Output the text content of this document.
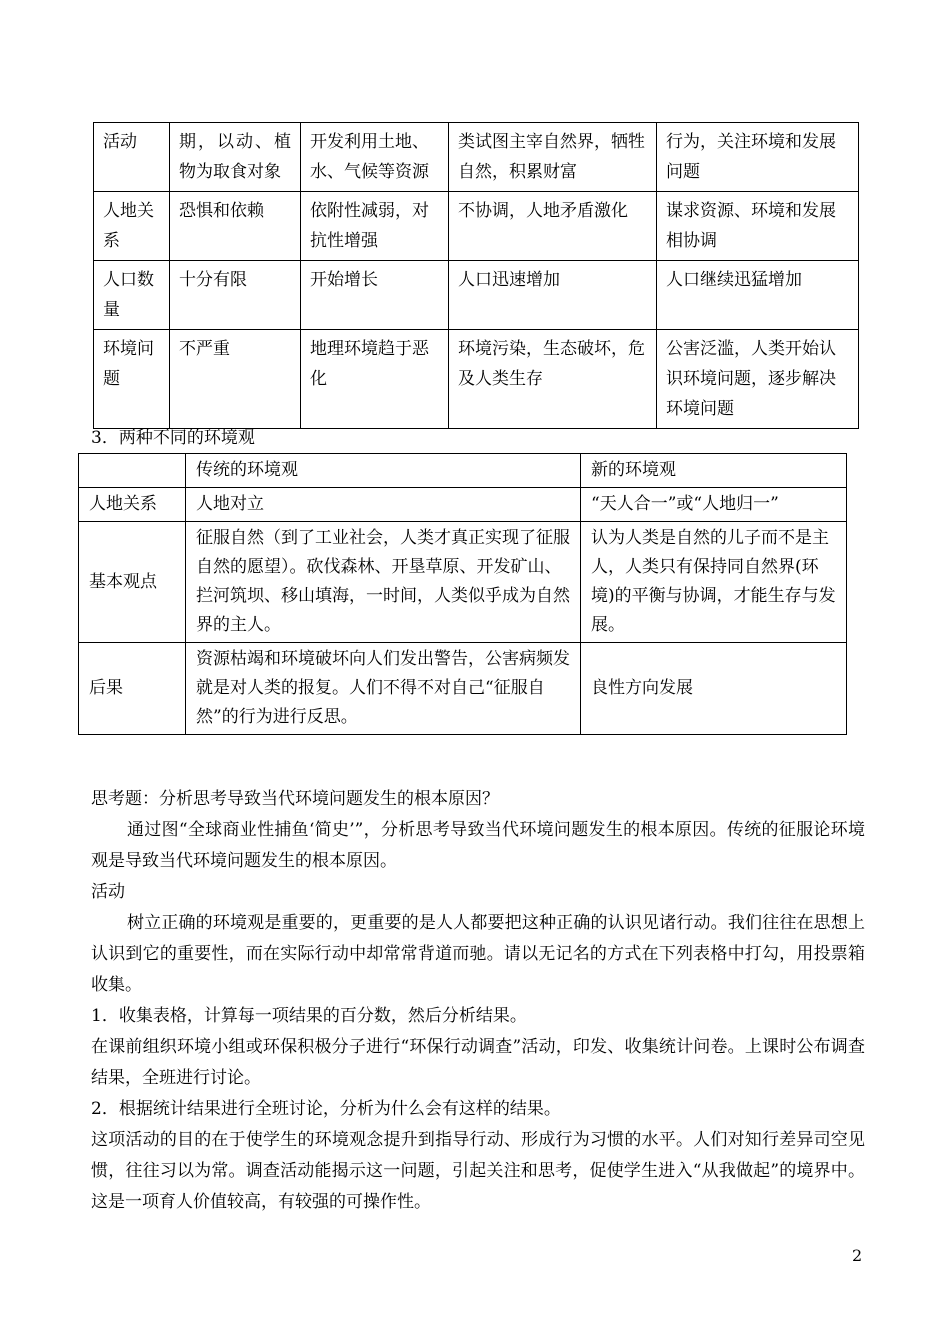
活动	期，以动、植物为取食对象	开发利用土地、水、气候等资源	类试图主宰自然界，牺牲自然，积累财富	行为，关注环境和发展问题
人地关系	恐惧和依赖	依附性减弱，对抗性增强	不协调，人地矛盾激化	谋求资源、环境和发展相协调
人口数量	十分有限	开始增长	人口迅速增加	人口继续迅猛增加
环境问题	不严重	地理环境趋于恶化	环境污染，生态破坏，危及人类生存	公害泛滥，人类开始认识环境问题，逐步解决环境问题
3．两种不同的环境观
	传统的环境观	新的环境观
人地关系	人地对立	“天人合一”或“人地归一”
基本观点	征服自然（到了工业社会，人类才真正实现了征服自然的愿望）。砍伐森林、开垦草原、开发矿山、拦河筑坝、移山填海，一时间，人类似乎成为自然界的主人。	认为人类是自然的儿子而不是主人，人类只有保持同自然界(环境)的平衡与协调，才能生存与发展。
后果	资源枯竭和环境破坏向人们发出警告，公害病频发就是对人类的报复。人们不得不对自己“征服自然”的行为进行反思。	良性方向发展

思考题：分析思考导致当代环境问题发生的根本原因？

通过图“全球商业性捕鱼‘简史’”，分析思考导致当代环境问题发生的根本原因。传统的征服论环境观是导致当代环境问题发生的根本原因。

活动

树立正确的环境观是重要的，更重要的是人人都要把这种正确的认识见诸行动。我们往往在思想上认识到它的重要性，而在实际行动中却常常背道而驰。请以无记名的方式在下列表格中打勾，用投票箱收集。

1．收集表格，计算每一项结果的百分数，然后分析结果。

在课前组织环境小组或环保积极分子进行“环保行动调查”活动，印发、收集统计问卷。上课时公布调查结果，全班进行讨论。

2．根据统计结果进行全班讨论，分析为什么会有这样的结果。

这项活动的目的在于使学生的环境观念提升到指导行动、形成行为习惯的水平。人们对知行差异司空见惯，往往习以为常。调查活动能揭示这一问题，引起关注和思考，促使学生进入“从我做起”的境界中。这是一项育人价值较高，有较强的可操作性。

2
